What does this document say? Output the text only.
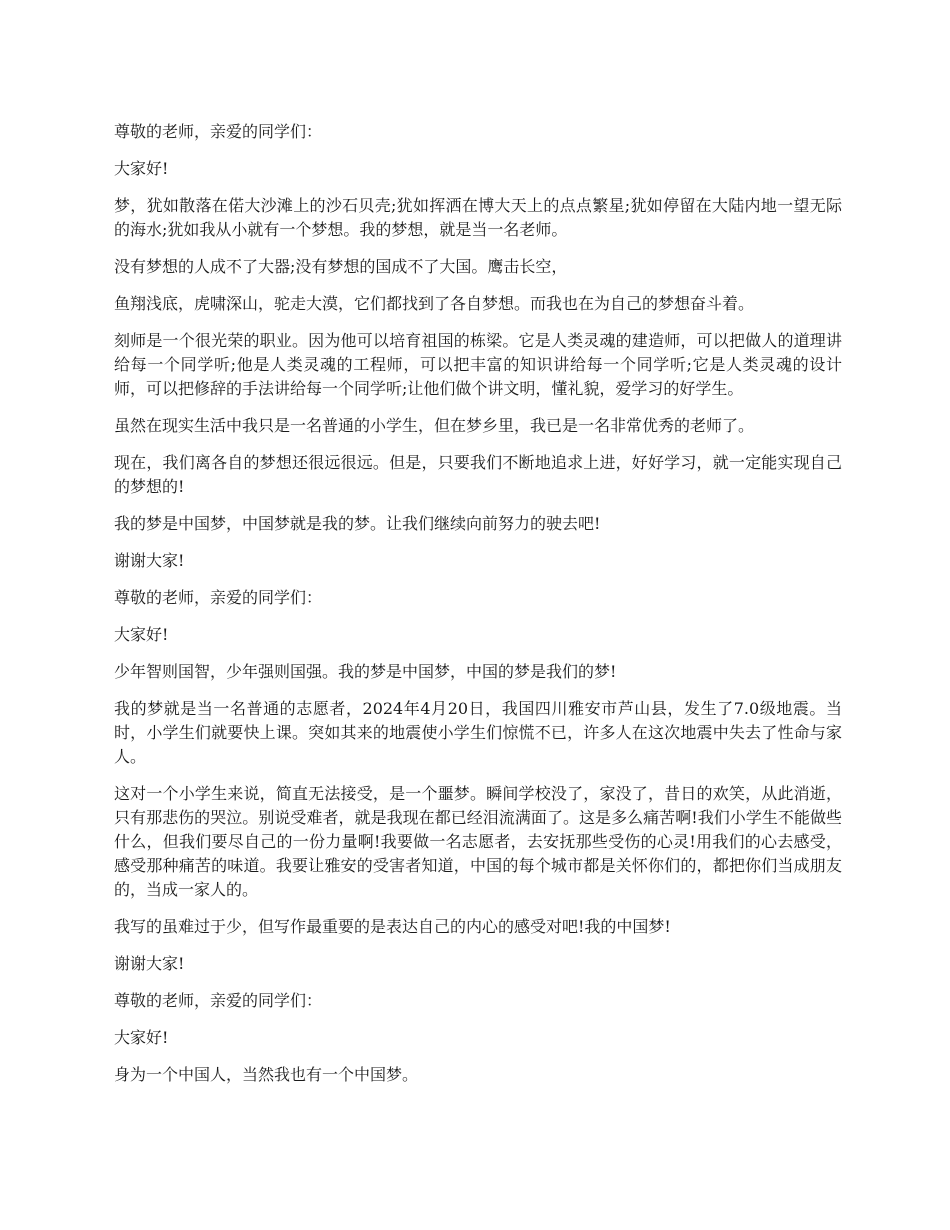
尊敬的老师，亲爱的同学们：

大家好!

梦，犹如散落在偌大沙滩上的沙石贝壳;犹如挥洒在博大天上的点点繁星;犹如停留在大陆内地一望无际的海水;犹如我从小就有一个梦想。我的梦想，就是当一名老师。

没有梦想的人成不了大器;没有梦想的国成不了大国。鹰击长空，

鱼翔浅底，虎啸深山，驼走大漠，它们都找到了各自梦想。而我也在为自己的梦想奋斗着。

刻师是一个很光荣的职业。因为他可以培育祖国的栋梁。它是人类灵魂的建造师，可以把做人的道理讲给每一个同学听;他是人类灵魂的工程师，可以把丰富的知识讲给每一个同学听;它是人类灵魂的设计师，可以把修辞的手法讲给每一个同学听;让他们做个讲文明，懂礼貌，爱学习的好学生。

虽然在现实生活中我只是一名普通的小学生，但在梦乡里，我已是一名非常优秀的老师了。

现在，我们离各自的梦想还很远很远。但是，只要我们不断地追求上进，好好学习，就一定能实现自己的梦想的!

我的梦是中国梦，中国梦就是我的梦。让我们继续向前努力的驶去吧!

谢谢大家!

尊敬的老师，亲爱的同学们：

大家好!

少年智则国智，少年强则国强。我的梦是中国梦，中国的梦是我们的梦!

我的梦就是当一名普通的志愿者，2024年4月20日，我国四川雅安市芦山县，发生了7.0级地震。当时，小学生们就要快上课。突如其来的地震使小学生们惊慌不已，许多人在这次地震中失去了性命与家人。

这对一个小学生来说，简直无法接受，是一个噩梦。瞬间学校没了，家没了，昔日的欢笑，从此消逝，只有那悲伤的哭泣。别说受难者，就是我现在都已经泪流满面了。这是多么痛苦啊!我们小学生不能做些什么，但我们要尽自己的一份力量啊!我要做一名志愿者，去安抚那些受伤的心灵!用我们的心去感受，感受那种痛苦的味道。我要让雅安的受害者知道，中国的每个城市都是关怀你们的，都把你们当成朋友的，当成一家人的。

我写的虽难过于少，但写作最重要的是表达自己的内心的感受对吧!我的中国梦!

谢谢大家!

尊敬的老师，亲爱的同学们：

大家好!

身为一个中国人，当然我也有一个中国梦。
